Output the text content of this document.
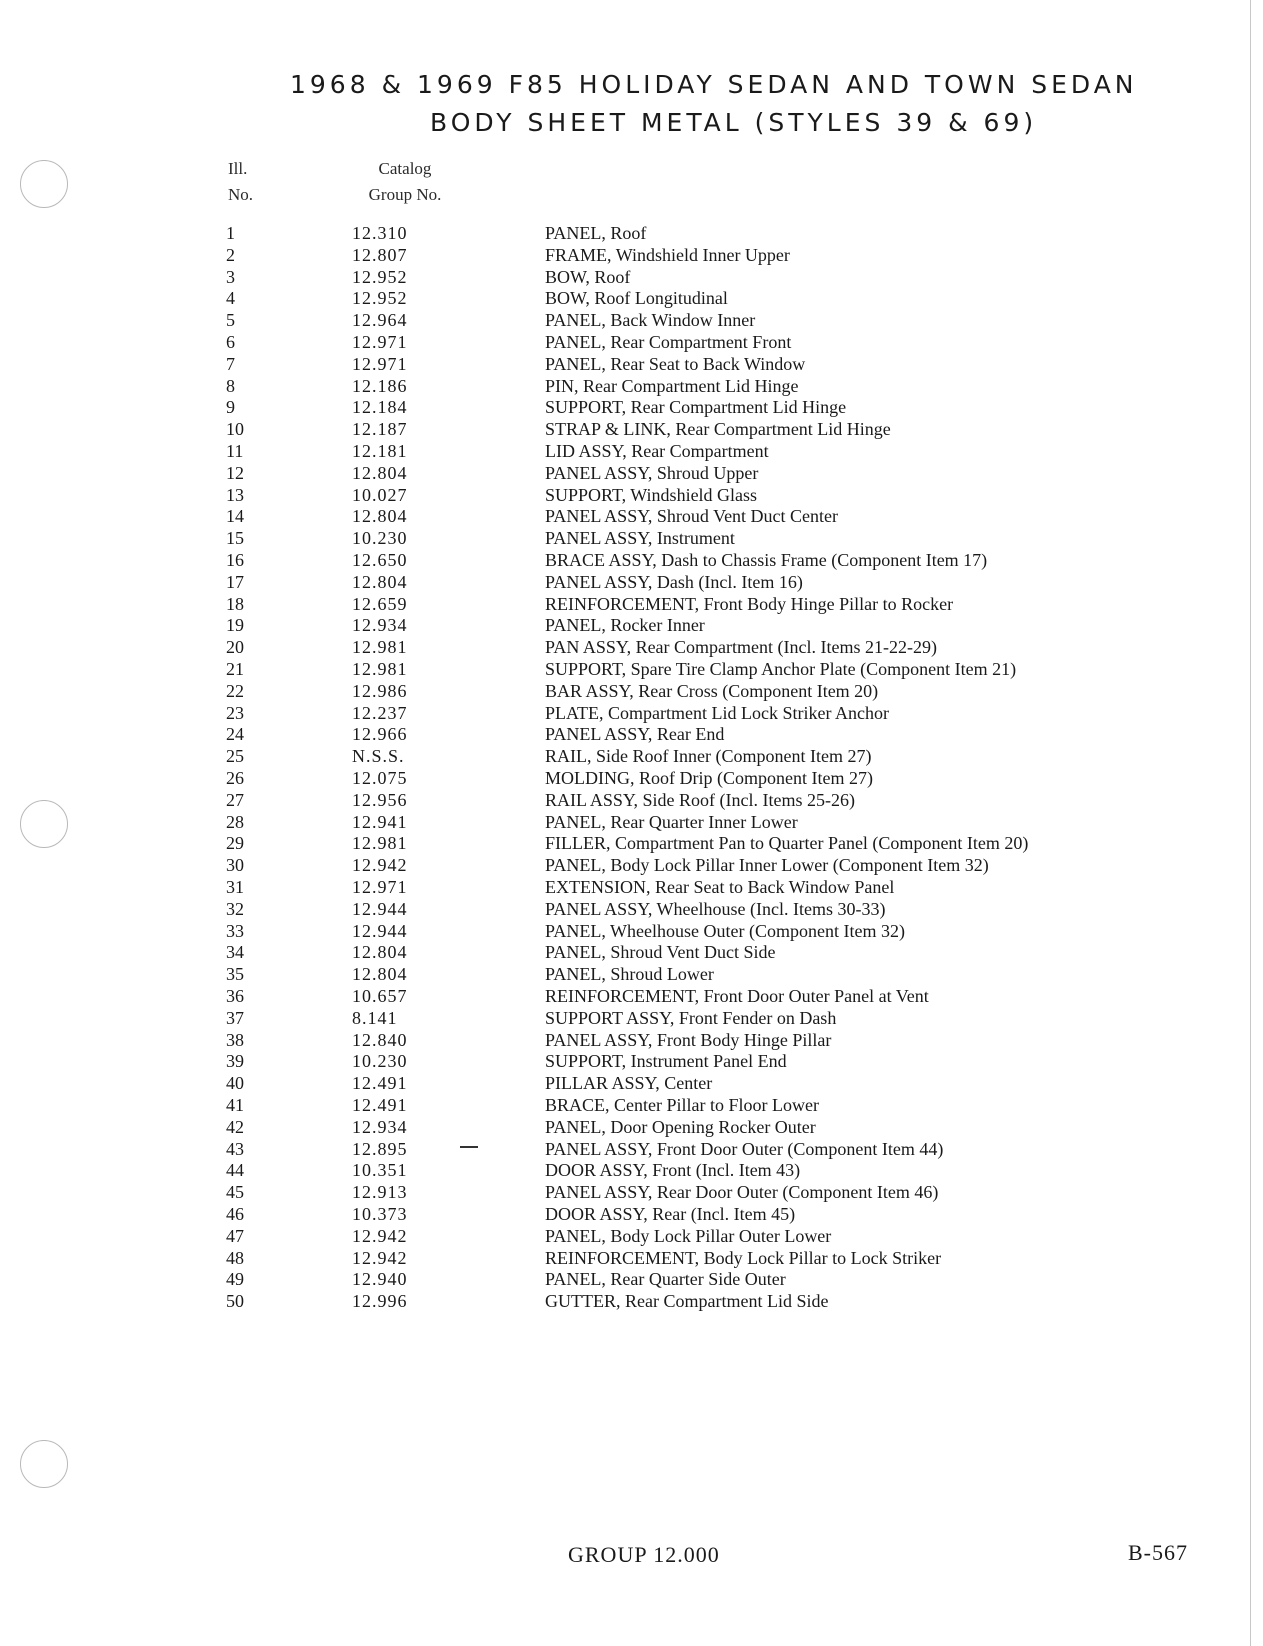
1968 & 1969 F85 HOLIDAY SEDAN AND TOWN SEDAN
BODY SHEET METAL (STYLES 39 & 69)
Ill.
No.
Catalog
Group No.
1	12.310	PANEL, Roof
2	12.807	FRAME, Windshield Inner Upper
3	12.952	BOW, Roof
4	12.952	BOW, Roof Longitudinal
5	12.964	PANEL, Back Window Inner
6	12.971	PANEL, Rear Compartment Front
7	12.971	PANEL, Rear Seat to Back Window
8	12.186	PIN, Rear Compartment Lid Hinge
9	12.184	SUPPORT, Rear Compartment Lid Hinge
10	12.187	STRAP & LINK, Rear Compartment Lid Hinge
11	12.181	LID ASSY, Rear Compartment
12	12.804	PANEL ASSY, Shroud Upper
13	10.027	SUPPORT, Windshield Glass
14	12.804	PANEL ASSY, Shroud Vent Duct Center
15	10.230	PANEL ASSY, Instrument
16	12.650	BRACE ASSY, Dash to Chassis Frame (Component Item 17)
17	12.804	PANEL ASSY, Dash (Incl. Item 16)
18	12.659	REINFORCEMENT, Front Body Hinge Pillar to Rocker
19	12.934	PANEL, Rocker Inner
20	12.981	PAN ASSY, Rear Compartment (Incl. Items 21-22-29)
21	12.981	SUPPORT, Spare Tire Clamp Anchor Plate (Component Item 21)
22	12.986	BAR ASSY, Rear Cross (Component Item 20)
23	12.237	PLATE, Compartment Lid Lock Striker Anchor
24	12.966	PANEL ASSY, Rear End
25	N.S.S.	RAIL, Side Roof Inner (Component Item 27)
26	12.075	MOLDING, Roof Drip (Component Item 27)
27	12.956	RAIL ASSY, Side Roof (Incl. Items 25-26)
28	12.941	PANEL, Rear Quarter Inner Lower
29	12.981	FILLER, Compartment Pan to Quarter Panel (Component Item 20)
30	12.942	PANEL, Body Lock Pillar Inner Lower (Component Item 32)
31	12.971	EXTENSION, Rear Seat to Back Window Panel
32	12.944	PANEL ASSY, Wheelhouse (Incl. Items 30-33)
33	12.944	PANEL, Wheelhouse Outer (Component Item 32)
34	12.804	PANEL, Shroud Vent Duct Side
35	12.804	PANEL, Shroud Lower
36	10.657	REINFORCEMENT, Front Door Outer Panel at Vent
37	8.141	SUPPORT ASSY, Front Fender on Dash
38	12.840	PANEL ASSY, Front Body Hinge Pillar
39	10.230	SUPPORT, Instrument Panel End
40	12.491	PILLAR ASSY, Center
41	12.491	BRACE, Center Pillar to Floor Lower
42	12.934	PANEL, Door Opening Rocker Outer
43	12.895	PANEL ASSY, Front Door Outer (Component Item 44)
44	10.351	DOOR ASSY, Front (Incl. Item 43)
45	12.913	PANEL ASSY, Rear Door Outer (Component Item 46)
46	10.373	DOOR ASSY, Rear (Incl. Item 45)
47	12.942	PANEL, Body Lock Pillar Outer Lower
48	12.942	REINFORCEMENT, Body Lock Pillar to Lock Striker
49	12.940	PANEL, Rear Quarter Side Outer
50	12.996	GUTTER, Rear Compartment Lid Side
GROUP 12.000	B-567
